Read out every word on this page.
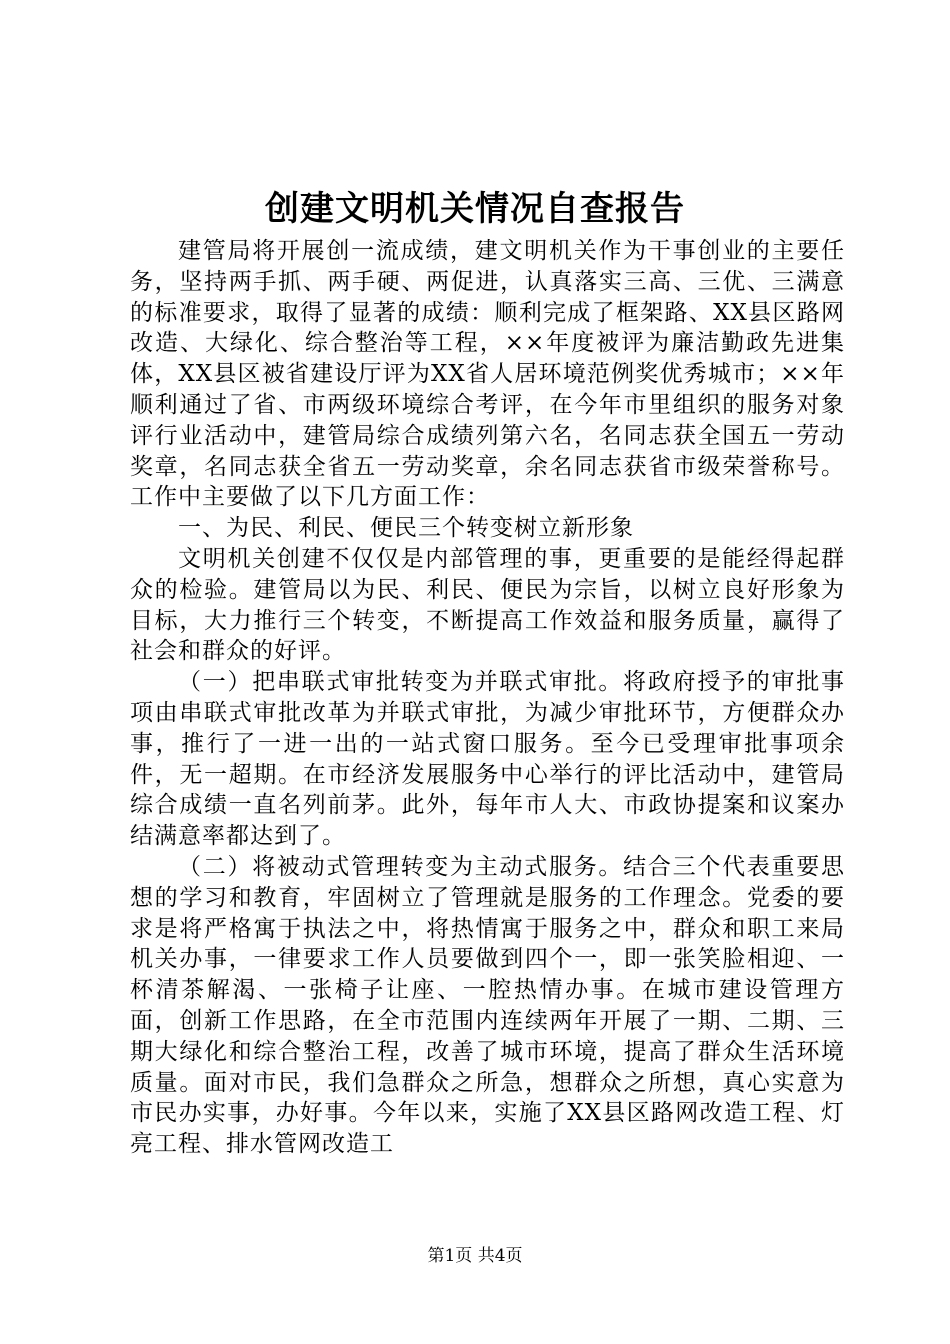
创建文明机关情况自查报告

建管局将开展创一流成绩，建文明机关作为干事创业的主要任务，坚持两手抓、两手硬、两促进，认真落实三高、三优、三满意的标准要求，取得了显著的成绩：顺利完成了框架路、XX县区路网改造、大绿化、综合整治等工程，××年度被评为廉洁勤政先进集体，XX县区被省建设厅评为XX省人居环境范例奖优秀城市；××年顺利通过了省、市两级环境综合考评，在今年市里组织的服务对象评行业活动中，建管局综合成绩列第六名，名同志获全国五一劳动奖章，名同志获全省五一劳动奖章，余名同志获省市级荣誉称号。工作中主要做了以下几方面工作：

一、为民、利民、便民三个转变树立新形象

文明机关创建不仅仅是内部管理的事，更重要的是能经得起群众的检验。建管局以为民、利民、便民为宗旨，以树立良好形象为目标，大力推行三个转变，不断提高工作效益和服务质量，赢得了社会和群众的好评。

（一）把串联式审批转变为并联式审批。将政府授予的审批事项由串联式审批改革为并联式审批，为减少审批环节，方便群众办事，推行了一进一出的一站式窗口服务。至今已受理审批事项余件，无一超期。在市经济发展服务中心举行的评比活动中，建管局综合成绩一直名列前茅。此外，每年市人大、市政协提案和议案办结满意率都达到了。

（二）将被动式管理转变为主动式服务。结合三个代表重要思想的学习和教育，牢固树立了管理就是服务的工作理念。党委的要求是将严格寓于执法之中，将热情寓于服务之中，群众和职工来局机关办事，一律要求工作人员要做到四个一，即一张笑脸相迎、一杯清茶解渴、一张椅子让座、一腔热情办事。在城市建设管理方面，创新工作思路，在全市范围内连续两年开展了一期、二期、三期大绿化和综合整治工程，改善了城市环境，提高了群众生活环境质量。面对市民，我们急群众之所急，想群众之所想，真心实意为市民办实事，办好事。今年以来，实施了XX县区路网改造工程、灯亮工程、排水管网改造工

第1页 共4页
